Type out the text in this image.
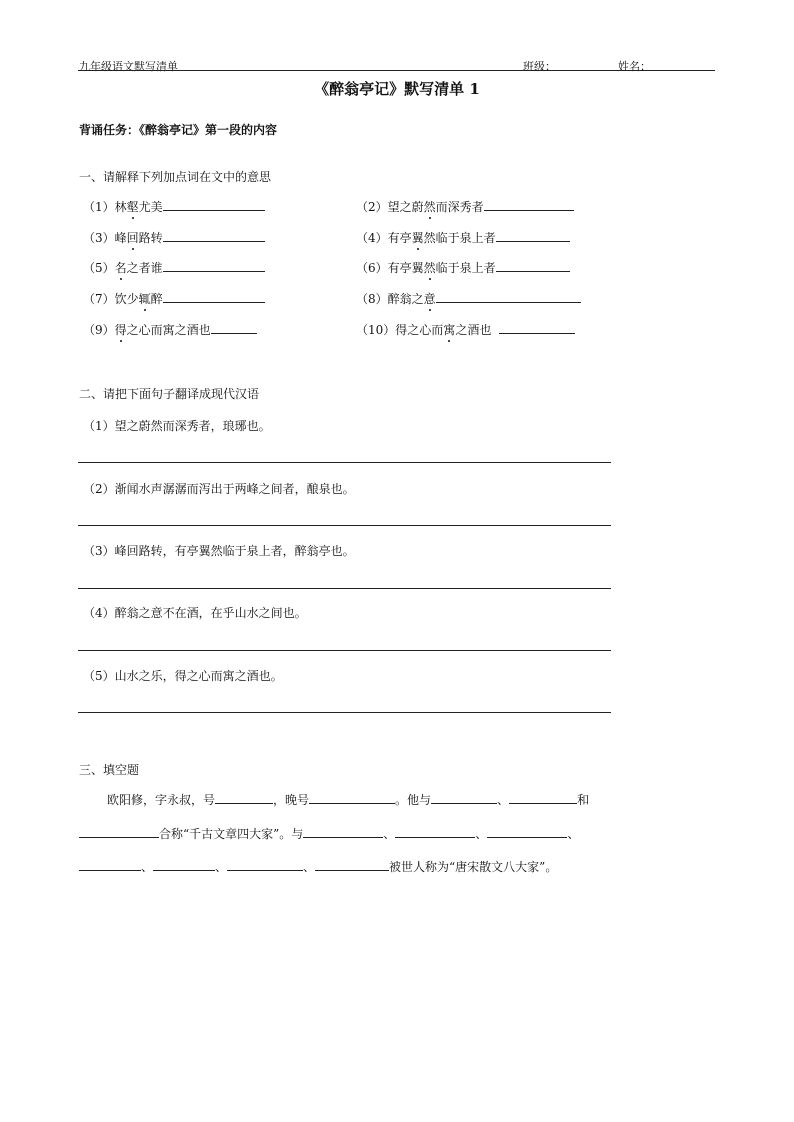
九年级语文默写清单	班级：	姓名：
《醉翁亭记》默写清单 1
背诵任务：《醉翁亭记》第一段的内容
一、请解释下列加点词在文中的意思
（1）林壑尤美	（2）望之蔚然而深秀者
（3）峰回路转	（4）有亭翼然临于泉上者
（5）名之者谁	（6）有亭翼然临于泉上者
（7）饮少辄醉	（8）醉翁之意
（9）得之心而寓之酒也	（10）得之心而寓之酒也
二、请把下面句子翻译成现代汉语
（1）望之蔚然而深秀者，琅琊也。
（2）渐闻水声潺潺而泻出于两峰之间者，酿泉也。
（3）峰回路转，有亭翼然临于泉上者，醉翁亭也。
（4）醉翁之意不在酒，在乎山水之间也。
（5）山水之乐，得之心而寓之酒也。
三、填空题
欧阳修，字永叔，号	，晚号	。他与	、	和
合称“千古文章四大家”。与	、	、	、
、	、	、	被世人称为“唐宋散文八大家”。
